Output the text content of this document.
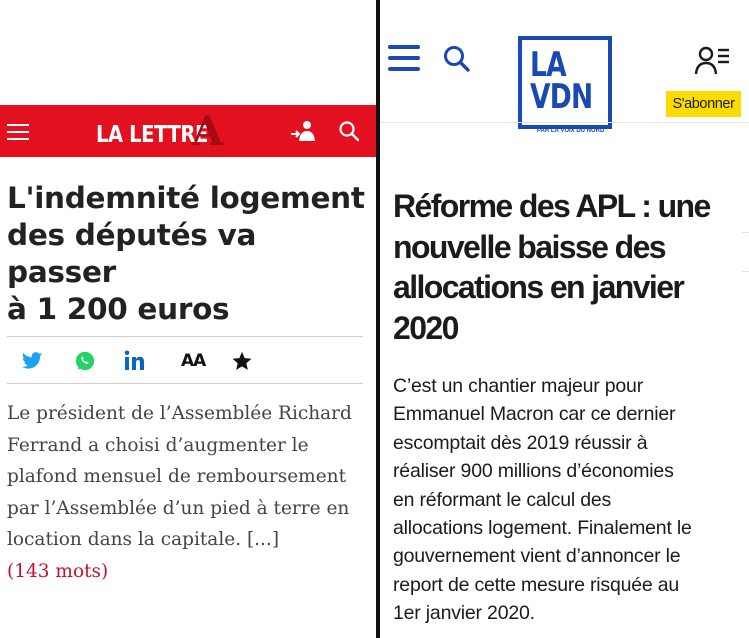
LA LETTRE
A
L'indemnité logement
des députés va passer
à 1 200 euros
AA
Le président de l’Assemblée Richard
Ferrand a choisi d’augmenter le
plafond mensuel de remboursement
par l’Assemblée d’un pied à terre en
location dans la capitale. [...]
(143 mots)
LA
VDN
PAR LA VOIX DU NORD
S'abonner
Réforme des APL : une
nouvelle baisse des
allocations en janvier
2020
C’est un chantier majeur pour
Emmanuel Macron car ce dernier
escomptait dès 2019 réussir à
réaliser 900 millions d’économies
en réformant le calcul des
allocations logement. Finalement le
gouvernement vient d’annoncer le
report de cette mesure risquée au
1er janvier 2020.
